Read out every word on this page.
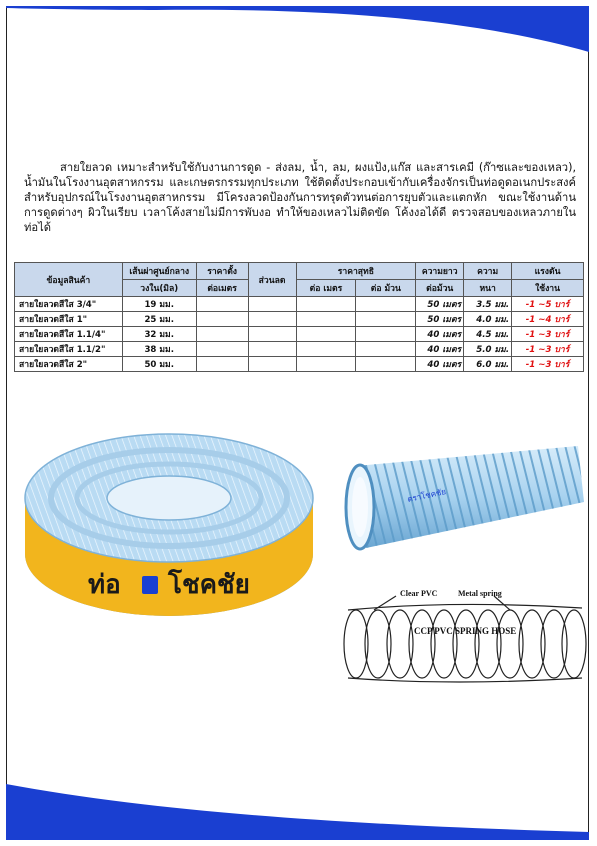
สายใยลวด เหมาะสำหรับใช้กับงานการดูด - ส่งลม, น้ำ, ลม, ผงแป้ง,แก๊ส และสารเคมี (ก๊าซและของเหลว), น้ำมันในโรงงานอุตสาหกรรม และเกษตรกรรมทุกประเภท ใช้ติดตั้งประกอบเข้ากับเครื่องจักรเป็นท่อดูดอเนกประสงค์สำหรับอุปกรณ์ในโรงงานอุตสาหกรรม มีโครงลวดป้องกันการทรุดตัวทนต่อการยุบตัวและแตกหัก ขณะใช้งานด้านการดูดต่างๆ ผิวในเรียบ เวลาโค้งสายไม่มีการพับงอ ทำให้ของเหลวไม่ติดขัด โค้งงอได้ดี ตรวจสอบของเหลวภายในท่อได้

ข้อมูลสินค้า	เส้นผ่าศูนย์กลาง	ราคาตั้ง	ส่วนลด	ราคาสุทธิ		ความยาว	ความ	แรงดัน
	วงใน(มิล)	ต่อเมตร		ต่อ เมตร	ต่อ ม้วน	ต่อม้วน	หนา	ใช้งาน
สายใยลวดสีใส 3/4"	19 มม.					50 เมตร	3.5 มม.	-1 ~5 บาร์
สายใยลวดสีใส 1"	25 มม.					50 เมตร	4.0 มม.	-1 ~4 บาร์
สายใยลวดสีใส 1.1/4"	32 มม.					40 เมตร	4.5 มม.	-1 ~3 บาร์
สายใยลวดสีใส 1.1/2"	38 มม.					40 เมตร	5.0 มม.	-1 ~3 บาร์
สายใยลวดสีใส 2"	50 มม.					40 เมตร	6.0 มม.	-1 ~3 บาร์
ท่อ โชคชัย
ตราโชคชัย
Clear PVC	Metal spring
CCP PVC SPRING HOSE
